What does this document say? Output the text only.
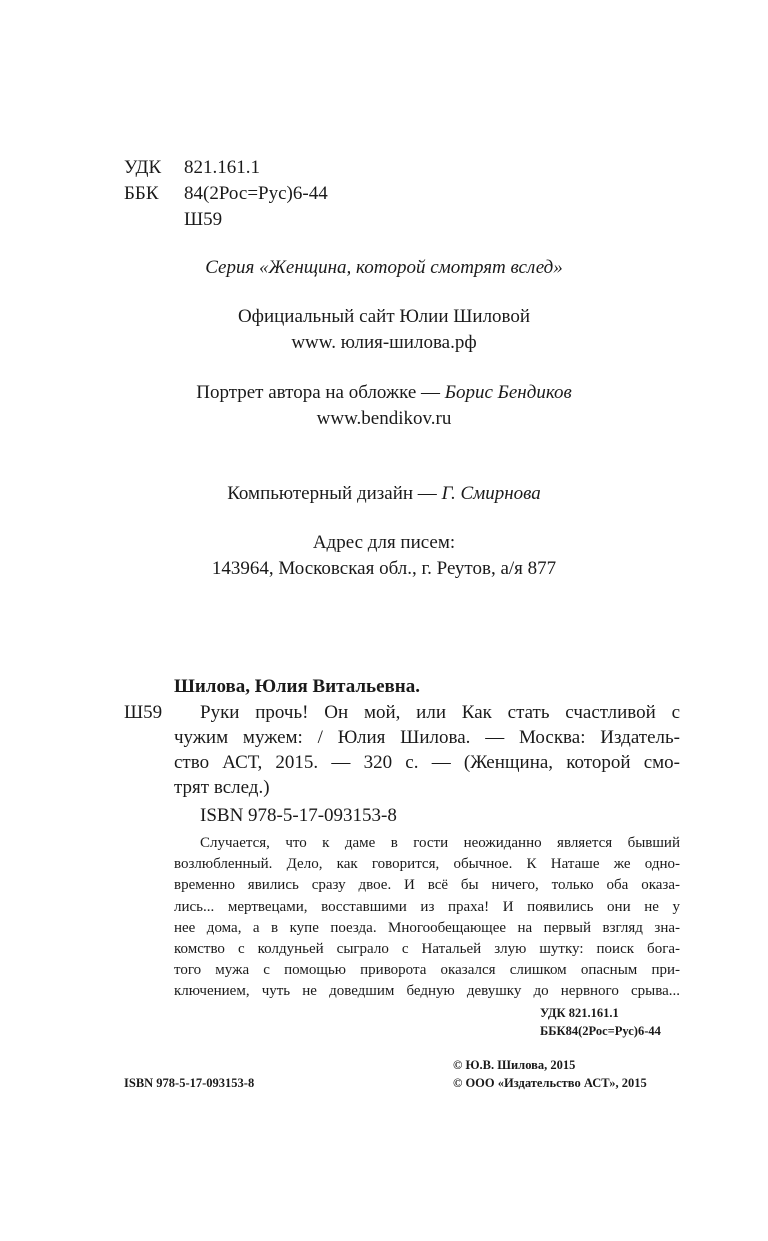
УДК 821.161.1
ББК 84(2Рос=Рус)6-44
Ш59
Серия «Женщина, которой смотрят вслед»
Официальный сайт Юлии Шиловой
www. юлия-шилова.рф
Портрет автора на обложке — Борис Бендиков
www.bendikov.ru
Компьютерный дизайн — Г. Смирнова
Адрес для писем:
143964, Московская обл., г. Реутов, а/я 877
Шилова, Юлия Витальевна.
Ш59 Руки прочь! Он мой, или Как стать счастливой с
чужим мужем: / Юлия Шилова. — Москва: Издатель-
ство АСТ, 2015. — 320 с. — (Женщина, которой смо-
трят вслед.)
ISBN 978-5-17-093153-8
Случается, что к даме в гости неожиданно является бывший
возлюбленный. Дело, как говорится, обычное. К Наташе же одно-
временно явились сразу двое. И всё бы ничего, только оба оказа-
лись... мертвецами, восставшими из праха! И появились они не у
нее дома, а в купе поезда. Многообещающее на первый взгляд зна-
комство с колдуньей сыграло с Натальей злую шутку: поиск бога-
того мужа с помощью приворота оказался слишком опасным при-
ключением, чуть не доведшим бедную девушку до нервного срыва...
УДК 821.161.1
ББК84(2Рос=Рус)6-44
© Ю.В. Шилова, 2015
© ООО «Издательство АСТ», 2015
ISBN 978-5-17-093153-8
